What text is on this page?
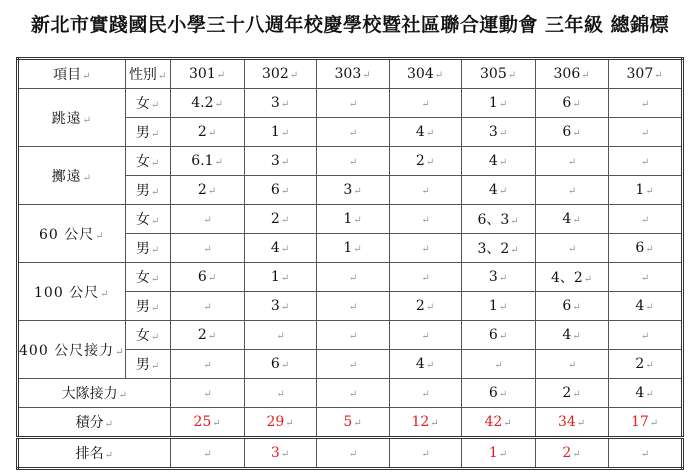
新北市實踐國民小學三十八週年校慶學校暨社區聯合運動會 三年級 總錦標
項目↵	性別↵	301↵	302↵	303↵	304↵	305↵	306↵	307↵
跳遠↵	女↵	4.2↵	3↵	↵	↵	1↵	6↵	↵
	男↵	2↵	1↵	↵	4↵	3↵	6↵	↵
擲遠↵	女↵	6.1↵	3↵	↵	2↵	4↵	↵	↵
	男↵	2↵	6↵	3↵	↵	4↵	↵	1↵
60 公尺↵	女↵	↵	2↵	1↵	↵	6、3↵	4↵	↵
	男↵	↵	4↵	1↵	↵	3、2↵	↵	6↵
100 公尺↵	女↵	6↵	1↵	↵	↵	3↵	4、2↵	↵
	男↵	↵	3↵	↵	2↵	1↵	6↵	4↵
400 公尺接力↵	女↵	2↵	↵	↵	↵	6↵	4↵	↵
	男↵	↵	6↵	↵	4↵	↵	↵	2↵
大隊接力↵		↵	↵	↵	↵	6↵	2↵	4↵
積分↵		25↵	29↵	5↵	12↵	42↵	34↵	17↵
排名↵		↵	3↵	↵	↵	1↵	2↵	↵
